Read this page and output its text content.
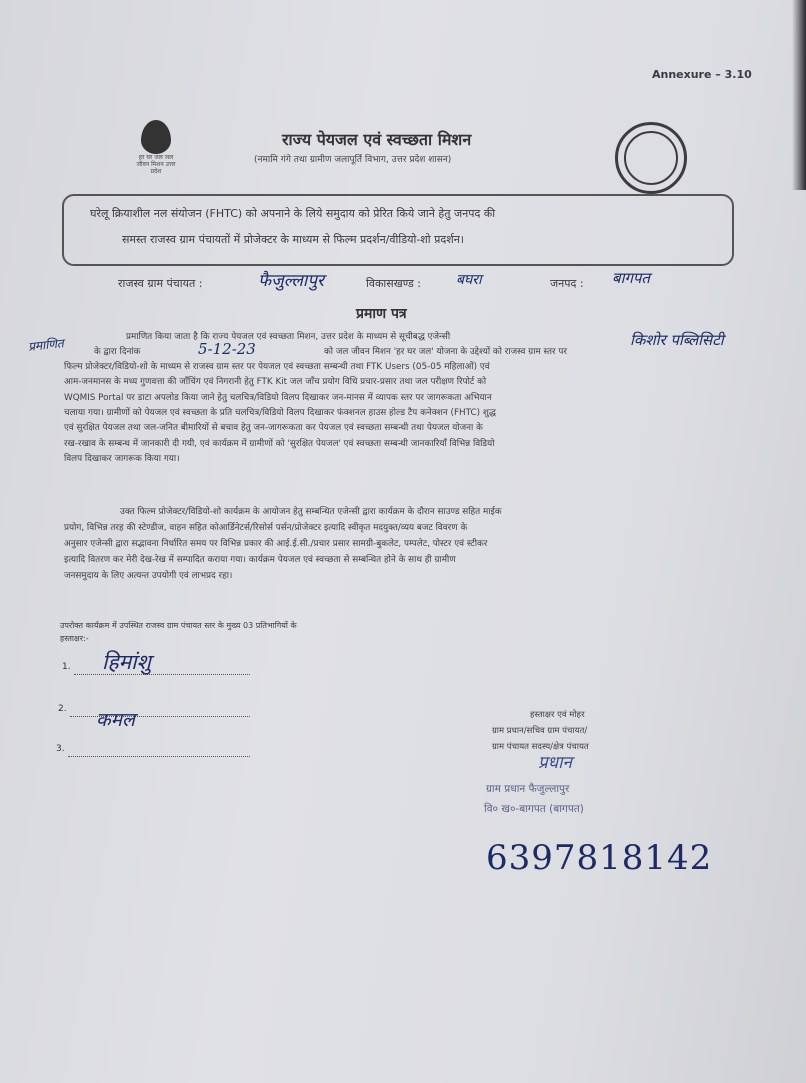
Annexure – 3.10
हर घर जल जल जीवन मिशन उत्तर प्रदेश
राज्य पेयजल एवं स्वच्छता मिशन
(नमामि गंगे तथा ग्रामीण जलापूर्ति विभाग, उत्तर प्रदेश शासन)
घरेलू क्रियाशील नल संयोजन (FHTC) को अपनाने के लिये समुदाय को प्रेरित किये जाने हेतु जनपद की
समस्त राजस्व ग्राम पंचायतों में प्रोजेक्टर के माध्यम से फिल्म प्रदर्शन/वीडियो-शो प्रदर्शन।
राजस्व ग्राम पंचायत :	फैजुल्लापुर	विकासखण्ड : बघरा	जनपद : बागपत
प्रमाण पत्र
प्रमाणित	प्रमाणित किया जाता है कि राज्य पेयजल एवं स्वच्छता मिशन, उत्तर प्रदेश के माध्यम से सूचीबद्ध एजेन्सी	किशोर पब्लिसिटी
के द्वारा दिनांक	5-12-23	को जल जीवन मिशन 'हर घर जल' योजना के उद्देश्यों को राजस्व ग्राम स्तर पर
फिल्म प्रोजेक्टर/विडियो-शो के माध्यम से राजस्व ग्राम स्तर पर पेयजल एवं स्वच्छता सम्बन्धी तथा FTK Users (05-05 महिलाओं) एवं
आम-जनमानस के मध्य गुणवत्ता की जाँचिंग एवं निगरानी हेतु FTK Kit जल जाँच प्रयोग विधि प्रचार-प्रसार तथा जल परीक्षण रिपोर्ट को
WQMIS Portal पर डाटा अपलोड किया जाने हेतु चलचित्र/विडियो विलप दिखाकर जन-मानस में व्यापक स्तर पर जागरूकता अभियान
चलाया गया। ग्रामीणों को पेयजल एवं स्वच्छता के प्रति चलचित्र/विडियो विलप दिखाकर फंक्शनल हाउस होल्ड टैप कनेक्शन (FHTC) शुद्ध
एवं सुरक्षित पेयजल तथा जल-जनित बीमारियों से बचाव हेतु जन-जागरूकता कर पेयजल एवं स्वच्छता सम्बन्धी तथा पेयजल योजना के
रख-रखाव के सम्बन्ध में जानकारी दी गयी, एवं कार्यक्रम में ग्रामीणों को 'सुरक्षित पेयजल' एवं स्वच्छता सम्बन्धी जानकारियाँ विभिन्न विडियो
विलप दिखाकर जागरूक किया गया।
उक्त फिल्म प्रोजेक्टर/विडियो-शो कार्यक्रम के आयोजन हेतु सम्बन्धित एजेन्सी द्वारा कार्यक्रम के दौरान साउण्ड सहित माईक
प्रयोग, विभिन्न तरह की स्टेण्डीज, वाहन सहित कोआर्डिनेटर्स/रिसोर्स पर्सन/प्रोजेक्टर इत्यादि स्वीकृत मदयुक्त/व्यय बजट विवरण के
अनुसार एजेन्सी द्वारा सद्भावना निर्धारित समय पर विभिन्न प्रकार की आई.ई.सी./प्रचार प्रसार सामग्री-बुकलेट, पम्पलेट, पोस्टर एवं स्टीकर
इत्यादि वितरण कर मेरी देख-रेख में सम्पादित कराया गया। कार्यक्रम पेयजल एवं स्वच्छता से सम्बन्धित होने के साथ ही ग्रामीण
जनसमुदाय के लिए अत्यन्त उपयोगी एवं लाभप्रद रहा।
उपरोक्त कार्यक्रम में उपस्थित राजस्व ग्राम पंचायत स्तर के मुख्य 03 प्रतिभागियों के
हस्ताक्षर:-
1. हिमांशु
2. कमल
3.
हस्ताक्षर एवं मोहर
ग्राम प्रधान/सचिव ग्राम पंचायत/
ग्राम पंचायत सदस्य/क्षेत्र पंचायत
प्रधान
ग्राम प्रधान फैजुल्लापुर
वि० ख०-बागपत (बागपत)
6397818142
